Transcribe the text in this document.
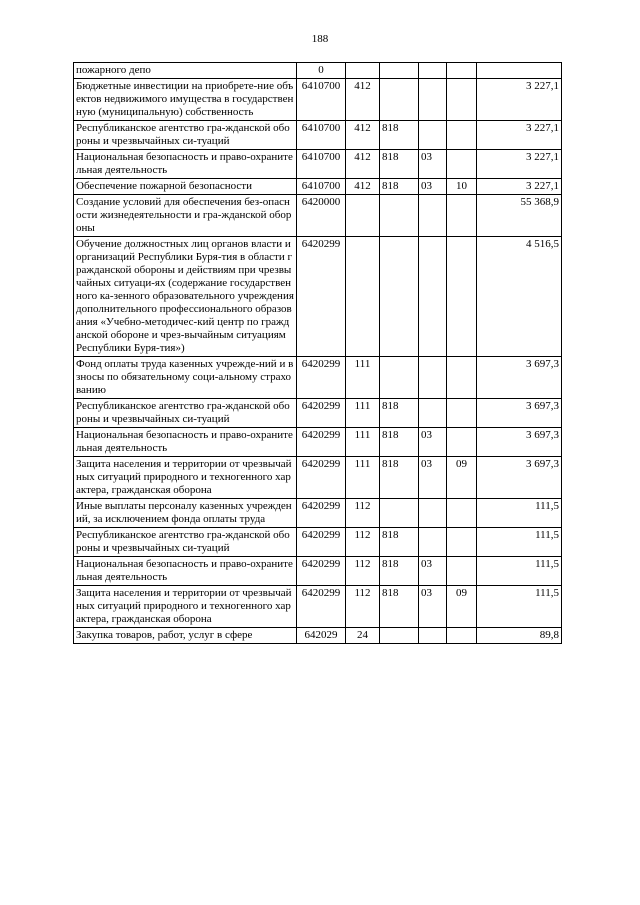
188
пожарного депо	0					
Бюджетные инвестиции на приобрете-ние объектов недвижимого имущества в государственную (муниципальную) собственность	6410700	412				3 227,1
Республиканское агентство гра-жданской обороны и чрезвычайных си-туаций	6410700	412	818			3 227,1
Национальная безопасность и право-охранительная деятельность	6410700	412	818	03		3 227,1
Обеспечение пожарной безопасности	6410700	412	818	03	10	3 227,1
Создание условий для обеспечения без-опасности жизнедеятельности и гра-жданской обороны	6420000					55 368,9
Обучение должностных лиц органов власти и организаций Республики Буря-тия в области гражданской обороны и действиям при чрезвычайных ситуаци-ях (содержание государственного ка-зенного образовательного учреждения дополнительного профессионального образования «Учебно-методичес-кий центр по гражданской обороне и чрез-вычайным ситуациям Республики Буря-тия»)	6420299					4 516,5
Фонд оплаты труда казенных учрежде-ний и взносы по обязательному соци-альному страхованию	6420299	111				3 697,3
Республиканское агентство гра-жданской обороны и чрезвычайных си-туаций	6420299	111	818			3 697,3
Национальная безопасность и право-охранительная деятельность	6420299	111	818	03		3 697,3
Защита населения и территории от чрезвычайных ситуаций природного и техногенного характера, гражданская оборона	6420299	111	818	03	09	3 697,3
Иные выплаты персоналу казенных учреждений, за исключением фонда оплаты труда	6420299	112				111,5
Республиканское агентство гра-жданской обороны и чрезвычайных си-туаций	6420299	112	818			111,5
Национальная безопасность и право-охранительная деятельность	6420299	112	818	03		111,5
Защита населения и территории от чрезвычайных ситуаций природного и техногенного характера, гражданская оборона	6420299	112	818	03	09	111,5
Закупка товаров, работ, услуг в сфере	642029	24				89,8
